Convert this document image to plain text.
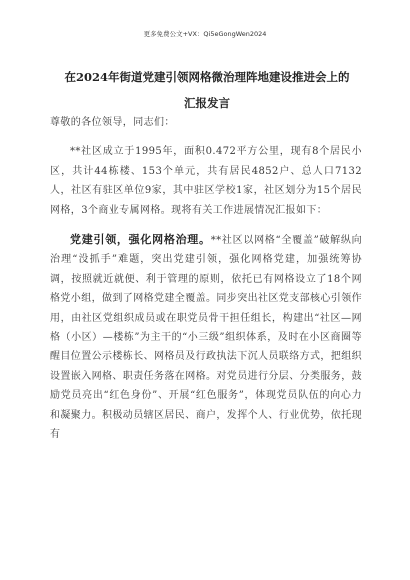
更多免费公文+VX：Qi5eGongWen2024
在2024年街道党建引领网格微治理阵地建设推进会上的汇报发言

尊敬的各位领导，同志们：

**社区成立于1995年，面积0.472平方公里，现有8个居民小区，共计44栋楼、153个单元，共有居民4852户、总人口7132人，社区有驻区单位9家，其中驻区学校1家，社区划分为15个居民网格，3个商业专属网格。现将有关工作进展情况汇报如下：

党建引领，强化网格治理。**社区以网格“全覆盖”破解纵向治理“没抓手”难题，突出党建引领，强化网格党建，加强统筹协调，按照就近就便、利于管理的原则，依托已有网格设立了18个网格党小组，做到了网格党建全覆盖。同步突出社区党支部核心引领作用，由社区党组织成员或在职党员骨干担任组长，构建出“社区—网格（小区）—楼栋”为主干的“小三级”组织体系，及时在小区商圈等醒目位置公示楼栋长、网格员及行政执法下沉人员联络方式，把组织设置嵌入网格、职责任务落在网格。对党员进行分层、分类服务，鼓励党员亮出“红色身份”、开展“红色服务”，体现党员队伍的向心力和凝聚力。积极动员辖区居民、商户，发挥个人、行业优势，依托现有
